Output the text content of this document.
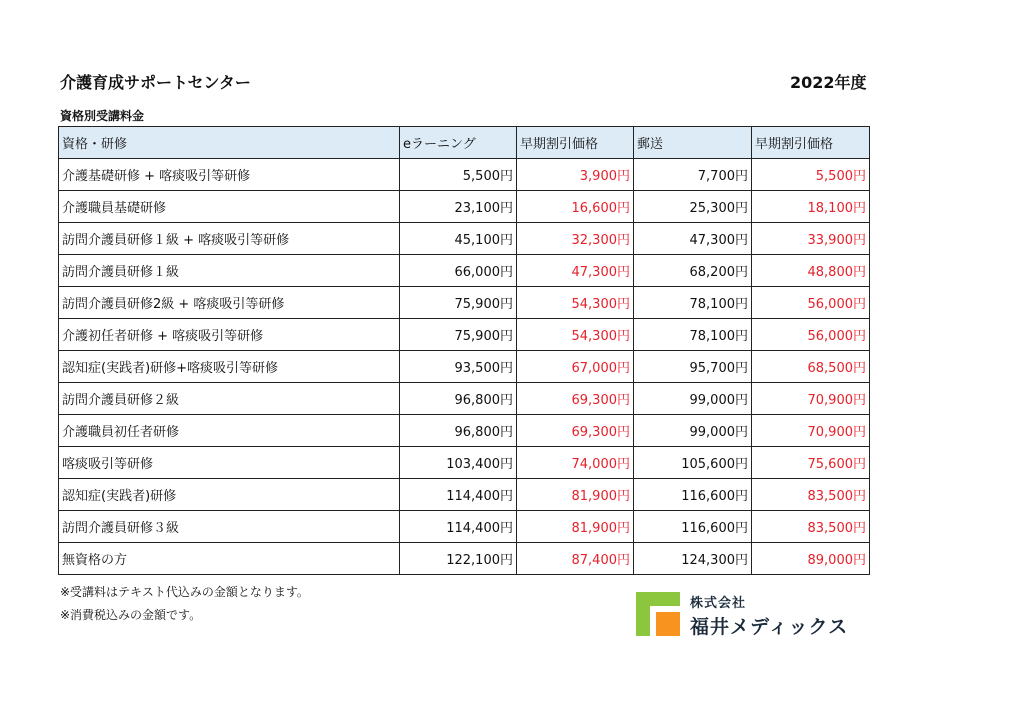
介護育成サポートセンター	2022年度
資格別受講料金
資格・研修	eラーニング	早期割引価格	郵送	早期割引価格
介護基礎研修 + 喀痰吸引等研修	5,500円	3,900円	7,700円	5,500円
介護職員基礎研修	23,100円	16,600円	25,300円	18,100円
訪問介護員研修１級 + 喀痰吸引等研修	45,100円	32,300円	47,300円	33,900円
訪問介護員研修１級	66,000円	47,300円	68,200円	48,800円
訪問介護員研修2級 + 喀痰吸引等研修	75,900円	54,300円	78,100円	56,000円
介護初任者研修 + 喀痰吸引等研修	75,900円	54,300円	78,100円	56,000円
認知症(実践者)研修+喀痰吸引等研修	93,500円	67,000円	95,700円	68,500円
訪問介護員研修２級	96,800円	69,300円	99,000円	70,900円
介護職員初任者研修	96,800円	69,300円	99,000円	70,900円
喀痰吸引等研修	103,400円	74,000円	105,600円	75,600円
認知症(実践者)研修	114,400円	81,900円	116,600円	83,500円
訪問介護員研修３級	114,400円	81,900円	116,600円	83,500円
無資格の方	122,100円	87,400円	124,300円	89,000円
※受講料はテキスト代込みの金額となります。
※消費税込みの金額です。
株式会社
福井メディックス
